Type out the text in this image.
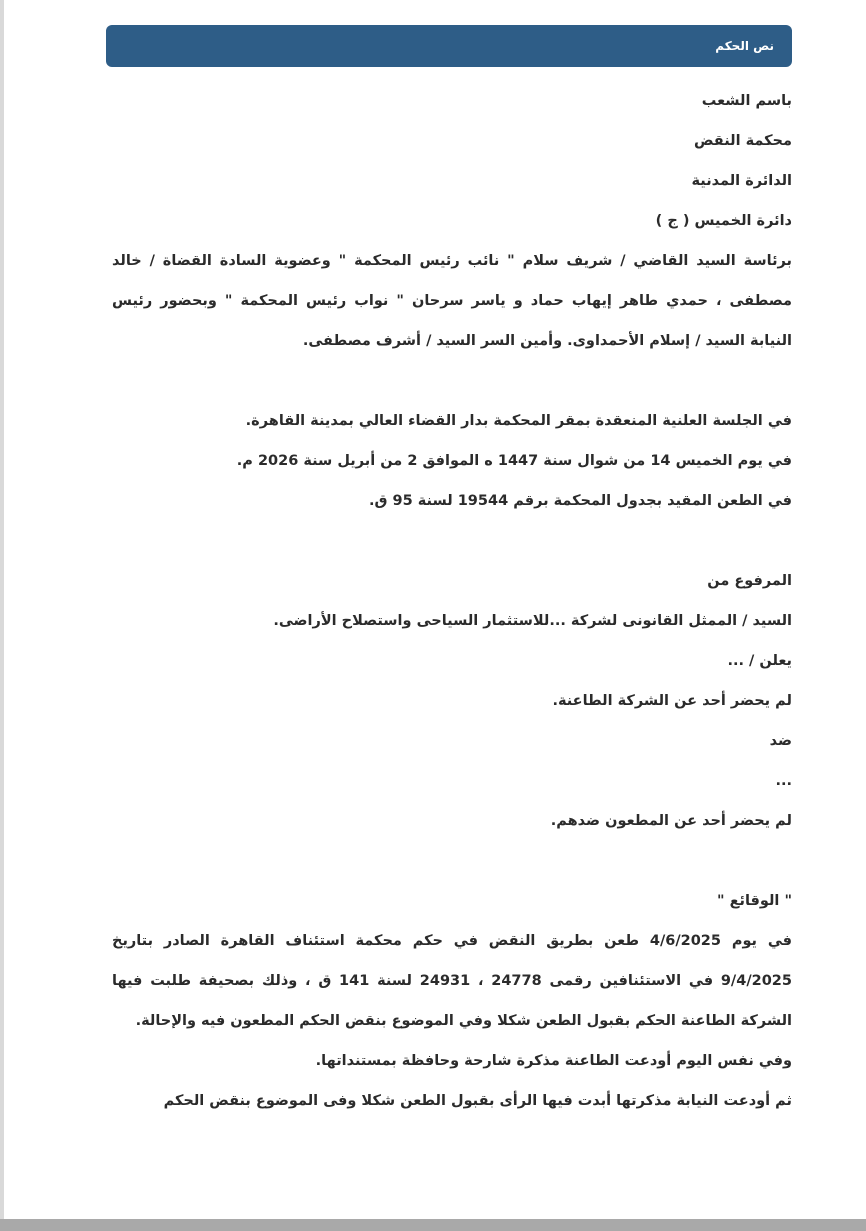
نص الحكم

باسم الشعب

محكمة النقض

الدائرة المدنية

دائرة الخميس ( ج )

برئاسة السيد القاضي / شريف سلام " نائب رئيس المحكمة " وعضوية السادة القضاة / خالد مصطفى ، حمدي طاهر إيهاب حماد و ياسر سرحان " نواب رئيس المحكمة " وبحضور رئيس النيابة السيد / إسلام الأحمداوى. وأمين السر السيد / أشرف مصطفى.

في الجلسة العلنية المنعقدة بمقر المحكمة بدار القضاء العالي بمدينة القاهرة.

في يوم الخميس 14 من شوال سنة 1447 ه الموافق 2 من أبريل سنة 2026 م.

في الطعن المقيد بجدول المحكمة برقم 19544 لسنة 95 ق.

المرفوع من

السيد / الممثل القانونى لشركة ...للاستثمار السياحى واستصلاح الأراضى.

يعلن / ...

لم يحضر أحد عن الشركة الطاعنة.

ضد

...

لم يحضر أحد عن المطعون ضدهم.

" الوقائع "

في يوم 4/6/2025 طعن بطريق النقض في حكم محكمة استئناف القاهرة الصادر بتاريخ 9/4/2025 في الاستئنافين رقمى 24778 ، 24931 لسنة 141 ق ، وذلك بصحيفة طلبت فيها الشركة الطاعنة الحكم بقبول الطعن شكلا وفي الموضوع بنقض الحكم المطعون فيه والإحالة.

وفي نفس اليوم أودعت الطاعنة مذكرة شارحة وحافظة بمستنداتها.

ثم أودعت النيابة مذكرتها أبدت فيها الرأى بقبول الطعن شكلا وفى الموضوع بنقض الحكم
